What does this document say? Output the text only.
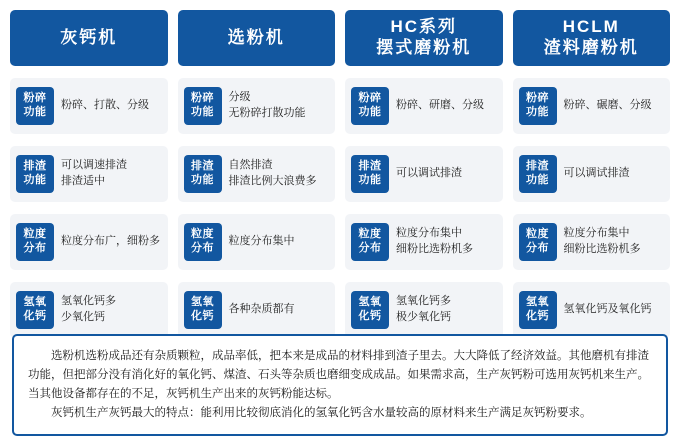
灰钙机
粉碎
功能
粉碎、打散、分级
排渣
功能
可以调速排渣
排渣适中
粒度
分布
粒度分布广，细粉多
氢氧
化钙
氢氧化钙多
少氧化钙
选粉机
粉碎
功能
分级
无粉碎打散功能
排渣
功能
自然排渣
排渣比例大浪费多
粒度
分布
粒度分布集中
氢氧
化钙
各种杂质都有
HC系列
摆式磨粉机
粉碎
功能
粉碎、研磨、分级
排渣
功能
可以调试排渣
粒度
分布
粒度分布集中
细粉比选粉机多
氢氧
化钙
氢氧化钙多
极少氧化钙
HCLM
渣料磨粉机
粉碎
功能
粉碎、碾磨、分级
排渣
功能
可以调试排渣
粒度
分布
粒度分布集中
细粉比选粉机多
氢氧
化钙
氢氧化钙及氧化钙

选粉机选粉成品还有杂质颗粒，成品率低，把本来是成品的材料排到渣子里去。大大降低了经济效益。其他磨机有排渣功能，但把部分没有消化好的氧化钙、煤渣、石头等杂质也磨细变成成品。如果需求高，生产灰钙粉可选用灰钙机来生产。当其他设备都存在的不足，灰钙机生产出来的灰钙粉能达标。

灰钙机生产灰钙最大的特点：能利用比较彻底消化的氢氧化钙含水量较高的原材料来生产满足灰钙粉要求。
